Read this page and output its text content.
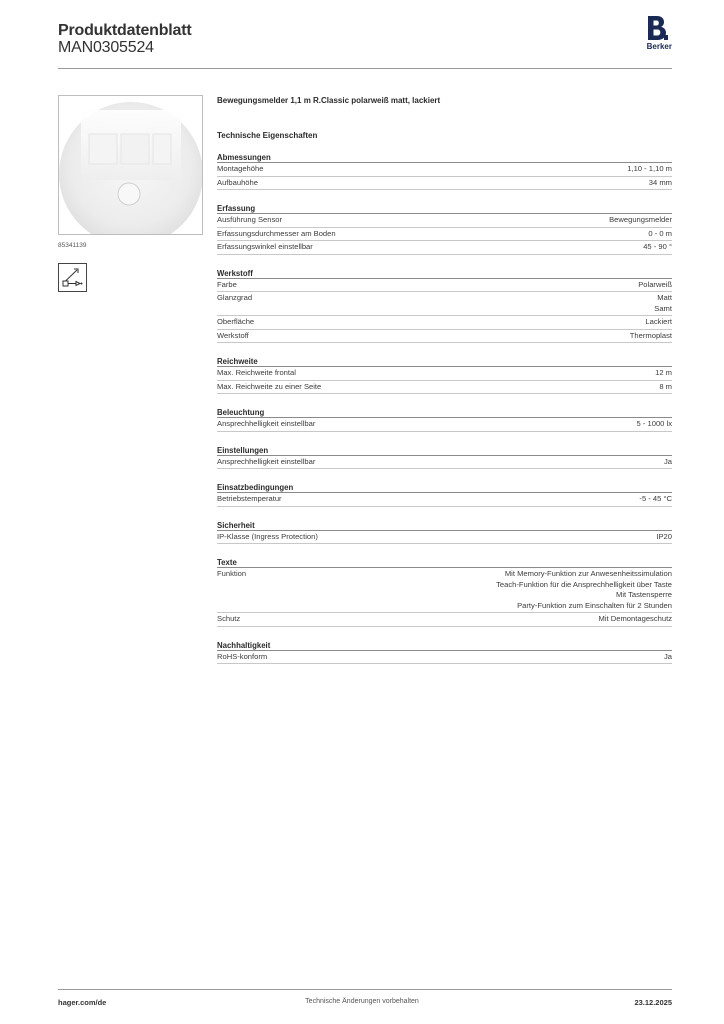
Produktdatenblatt
MAN0305524	Berker
85341139
Bewegungsmelder 1,1 m R.Classic polarweiß matt, lackiert
Technische Eigenschaften
Abmessungen
Montagehöhe	1,10 - 1,10 m
Aufbauhöhe	34 mm
Erfassung
Ausführung Sensor	Bewegungsmelder
Erfassungsdurchmesser am Boden	0 - 0 m
Erfassungswinkel einstellbar	45 - 90 °
Werkstoff
Farbe	Polarweiß
Glanzgrad	Matt
Samt
Oberfläche	Lackiert
Werkstoff	Thermoplast
Reichweite
Max. Reichweite frontal	12 m
Max. Reichweite zu einer Seite	8 m
Beleuchtung
Ansprechhelligkeit einstellbar	5 - 1000 lx
Einstellungen
Ansprechhelligkeit einstellbar	Ja
Einsatzbedingungen
Betriebstemperatur	-5 - 45 °C
Sicherheit
IP-Klasse (Ingress Protection)	IP20
Texte
Funktion	Mit Memory-Funktion zur Anwesenheitssimulation
Teach-Funktion für die Ansprechhelligkeit über Taste
Mit Tastensperre
Party-Funktion zum Einschalten für 2 Stunden
Schutz	Mit Demontageschutz
Nachhaltigkeit
RoHS-konform	Ja
hager.com/de	Technische Änderungen vorbehalten	23.12.2025
